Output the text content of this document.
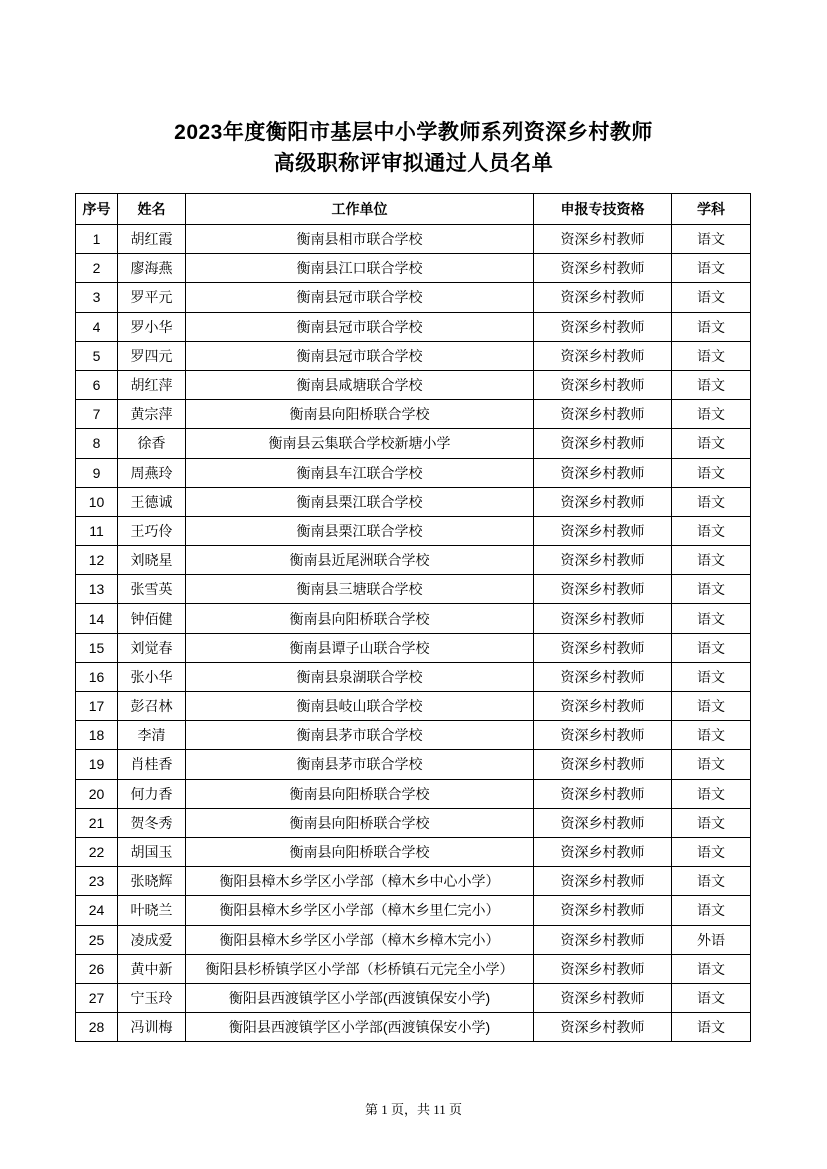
2023年度衡阳市基层中小学教师系列资深乡村教师
高级职称评审拟通过人员名单
序号	姓名	工作单位	申报专技资格	学科
1	胡红霞	衡南县相市联合学校	资深乡村教师	语文
2	廖海燕	衡南县江口联合学校	资深乡村教师	语文
3	罗平元	衡南县冠市联合学校	资深乡村教师	语文
4	罗小华	衡南县冠市联合学校	资深乡村教师	语文
5	罗四元	衡南县冠市联合学校	资深乡村教师	语文
6	胡红萍	衡南县咸塘联合学校	资深乡村教师	语文
7	黄宗萍	衡南县向阳桥联合学校	资深乡村教师	语文
8	徐香	衡南县云集联合学校新塘小学	资深乡村教师	语文
9	周燕玲	衡南县车江联合学校	资深乡村教师	语文
10	王德诚	衡南县栗江联合学校	资深乡村教师	语文
11	王巧伶	衡南县栗江联合学校	资深乡村教师	语文
12	刘晓星	衡南县近尾洲联合学校	资深乡村教师	语文
13	张雪英	衡南县三塘联合学校	资深乡村教师	语文
14	钟佰健	衡南县向阳桥联合学校	资深乡村教师	语文
15	刘觉春	衡南县谭子山联合学校	资深乡村教师	语文
16	张小华	衡南县泉湖联合学校	资深乡村教师	语文
17	彭召林	衡南县岐山联合学校	资深乡村教师	语文
18	李清	衡南县茅市联合学校	资深乡村教师	语文
19	肖桂香	衡南县茅市联合学校	资深乡村教师	语文
20	何力香	衡南县向阳桥联合学校	资深乡村教师	语文
21	贺冬秀	衡南县向阳桥联合学校	资深乡村教师	语文
22	胡国玉	衡南县向阳桥联合学校	资深乡村教师	语文
23	张晓辉	衡阳县樟木乡学区小学部（樟木乡中心小学）	资深乡村教师	语文
24	叶晓兰	衡阳县樟木乡学区小学部（樟木乡里仁完小）	资深乡村教师	语文
25	凌成爱	衡阳县樟木乡学区小学部（樟木乡樟木完小）	资深乡村教师	外语
26	黄中新	衡阳县杉桥镇学区小学部（杉桥镇石元完全小学）	资深乡村教师	语文
27	宁玉玲	衡阳县西渡镇学区小学部(西渡镇保安小学)	资深乡村教师	语文
28	冯训梅	衡阳县西渡镇学区小学部(西渡镇保安小学)	资深乡村教师	语文
第 1 页，共 11 页
